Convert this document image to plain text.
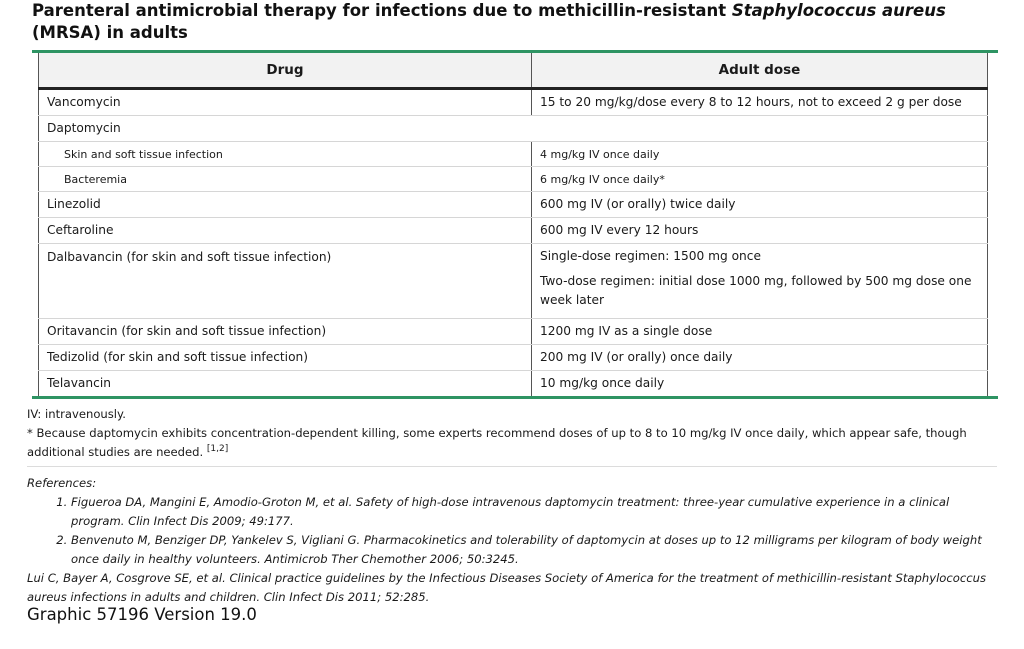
Parenteral antimicrobial therapy for infections due to methicillin-resistant Staphylococcus aureus (MRSA) in adults
Drug	Adult dose
Vancomycin	15 to 20 mg/kg/dose every 8 to 12 hours, not to exceed 2 g per dose
Daptomycin	
Skin and soft tissue infection	4 mg/kg IV once daily
Bacteremia	6 mg/kg IV once daily*
Linezolid	600 mg IV (or orally) twice daily
Ceftaroline	600 mg IV every 12 hours
Dalbavancin (for skin and soft tissue infection)	Single-dose regimen: 1500 mg once
Two-dose regimen: initial dose 1000 mg, followed by 500 mg dose one week later

Oritavancin (for skin and soft tissue infection)	1200 mg IV as a single dose
Tedizolid (for skin and soft tissue infection)	200 mg IV (or orally) once daily
Telavancin	10 mg/kg once daily
IV: intravenously.
* Because daptomycin exhibits concentration-dependent killing, some experts recommend doses of up to 8 to 10 mg/kg IV once daily, which appear safe, though additional studies are needed. [1,2]
References:
1. Figueroa DA, Mangini E, Amodio-Groton M, et al. Safety of high-dose intravenous daptomycin treatment: three-year cumulative experience in a clinical program. Clin Infect Dis 2009; 49:177.
2. Benvenuto M, Benziger DP, Yankelev S, Vigliani G. Pharmacokinetics and tolerability of daptomycin at doses up to 12 milligrams per kilogram of body weight once daily in healthy volunteers. Antimicrob Ther Chemother 2006; 50:3245.
Lui C, Bayer A, Cosgrove SE, et al. Clinical practice guidelines by the Infectious Diseases Society of America for the treatment of methicillin-resistant Staphylococcus aureus infections in adults and children. Clin Infect Dis 2011; 52:285.
Graphic 57196 Version 19.0
